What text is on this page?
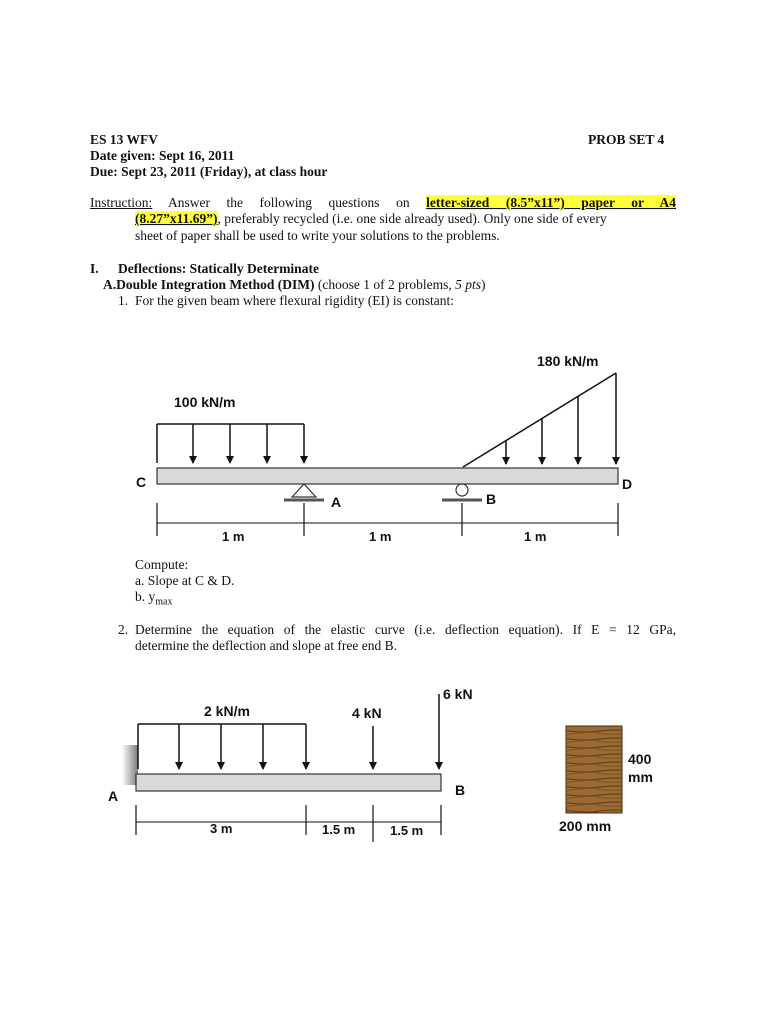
ES 13 WFV	PROB SET 4
Date given: Sept 16, 2011
Due: Sept 23, 2011 (Friday), at class hour
Instruction: Answer the following questions on letter-sized (8.5”x11”) paper or A4
(8.27”x11.69”), preferably recycled (i.e. one side already used). Only one side of every
sheet of paper shall be used to write your solutions to the problems.
I. Deflections: Statically Determinate
A.Double Integration Method (DIM) (choose 1 of 2 problems, 5 pts)
1. For the given beam where flexural rigidity (EI) is constant:
100 kN/m
180 kN/m
C
A	B
D
1 m	1 m	1 m
Compute:
a. Slope at C & D.
b. $y_{max}$
2. Determine the equation of the elastic curve (i.e. deflection equation). If E = 12 GPa,
determine the deflection and slope at free end B.
2 kN/m	4 kN
6 kN
A	B
3 m	1.5 m	1.5 m
400
mm
200 mm
